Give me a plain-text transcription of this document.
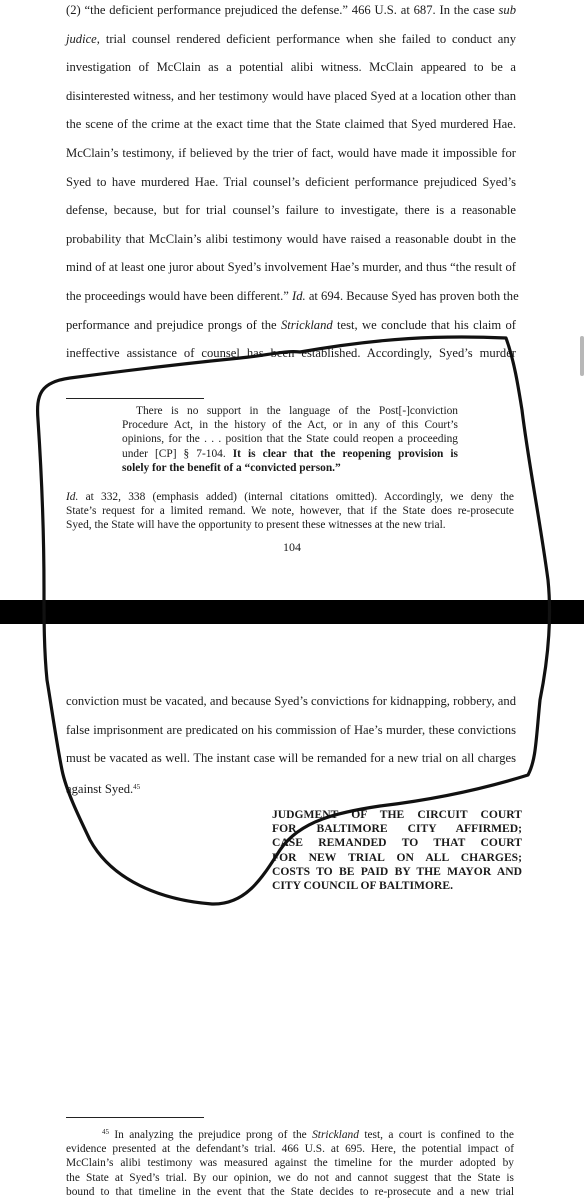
(2) “the deficient performance prejudiced the defense.” 466 U.S. at 687. In the case sub
judice, trial counsel rendered deficient performance when she failed to conduct any
investigation of McClain as a potential alibi witness. McClain appeared to be a
disinterested witness, and her testimony would have placed Syed at a location other than
the scene of the crime at the exact time that the State claimed that Syed murdered Hae.
McClain’s testimony, if believed by the trier of fact, would have made it impossible for
Syed to have murdered Hae. Trial counsel’s deficient performance prejudiced Syed’s
defense, because, but for trial counsel’s failure to investigate, there is a reasonable
probability that McClain’s alibi testimony would have raised a reasonable doubt in the
mind of at least one juror about Syed’s involvement Hae’s murder, and thus “the result of
the proceedings would have been different.” Id. at 694. Because Syed has proven both the
performance and prejudice prongs of the Strickland test, we conclude that his claim of
ineffective assistance of counsel has been established. Accordingly, Syed’s murder
There is no support in the language of the Post[-]conviction
Procedure Act, in the history of the Act, or in any of this Court’s
opinions, for the . . . position that the State could reopen a proceeding
under [CP] § 7-104. It is clear that the reopening provision is
solely for the benefit of a “convicted person.”
Id. at 332, 338 (emphasis added) (internal citations omitted). Accordingly, we deny the
State’s request for a limited remand. We note, however, that if the State does re-prosecute
Syed, the State will have the opportunity to present these witnesses at the new trial.
104
conviction must be vacated, and because Syed’s convictions for kidnapping, robbery, and
false imprisonment are predicated on his commission of Hae’s murder, these convictions
must be vacated as well. The instant case will be remanded for a new trial on all charges
against Syed.$^{45}$
$^{45}$ In analyzing the prejudice prong of the Strickland test, a court is confined to the
evidence presented at the defendant’s trial. 466 U.S. at 695. Here, the potential impact of
McClain’s alibi testimony was measured against the timeline for the murder adopted by
the State at Syed’s trial. By our opinion, we do not and cannot suggest that the State is
bound to that timeline in the event that the State decides to re-prosecute and a new trial
JUDGMENT OF THE CIRCUIT COURT
FOR BALTIMORE CITY AFFIRMED;
CASE REMANDED TO THAT COURT
FOR NEW TRIAL ON ALL CHARGES;
COSTS TO BE PAID BY THE MAYOR AND
CITY COUNCIL OF BALTIMORE.
